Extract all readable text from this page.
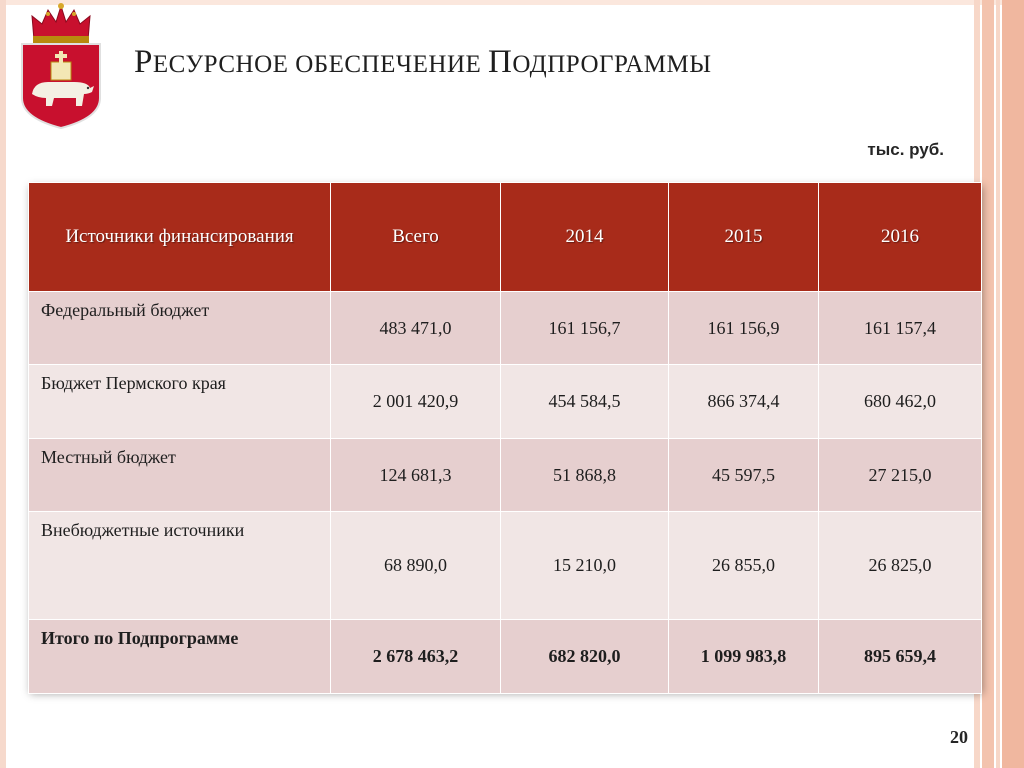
РЕСУРСНОЕ ОБЕСПЕЧЕНИЕ ПОДПРОГРАММЫ
тыс. руб.
Источники финансирования	Всего	2014	2015	2016
Федеральный бюджет	483 471,0	161 156,7	161 156,9	161 157,4
Бюджет Пермского края	2 001 420,9	454 584,5	866 374,4	680 462,0
Местный бюджет	124 681,3	51 868,8	45 597,5	27 215,0
Внебюджетные источники	68 890,0	15 210,0	26 855,0	26 825,0
Итого по Подпрограмме	2 678 463,2	682 820,0	1 099 983,8	895 659,4
20
